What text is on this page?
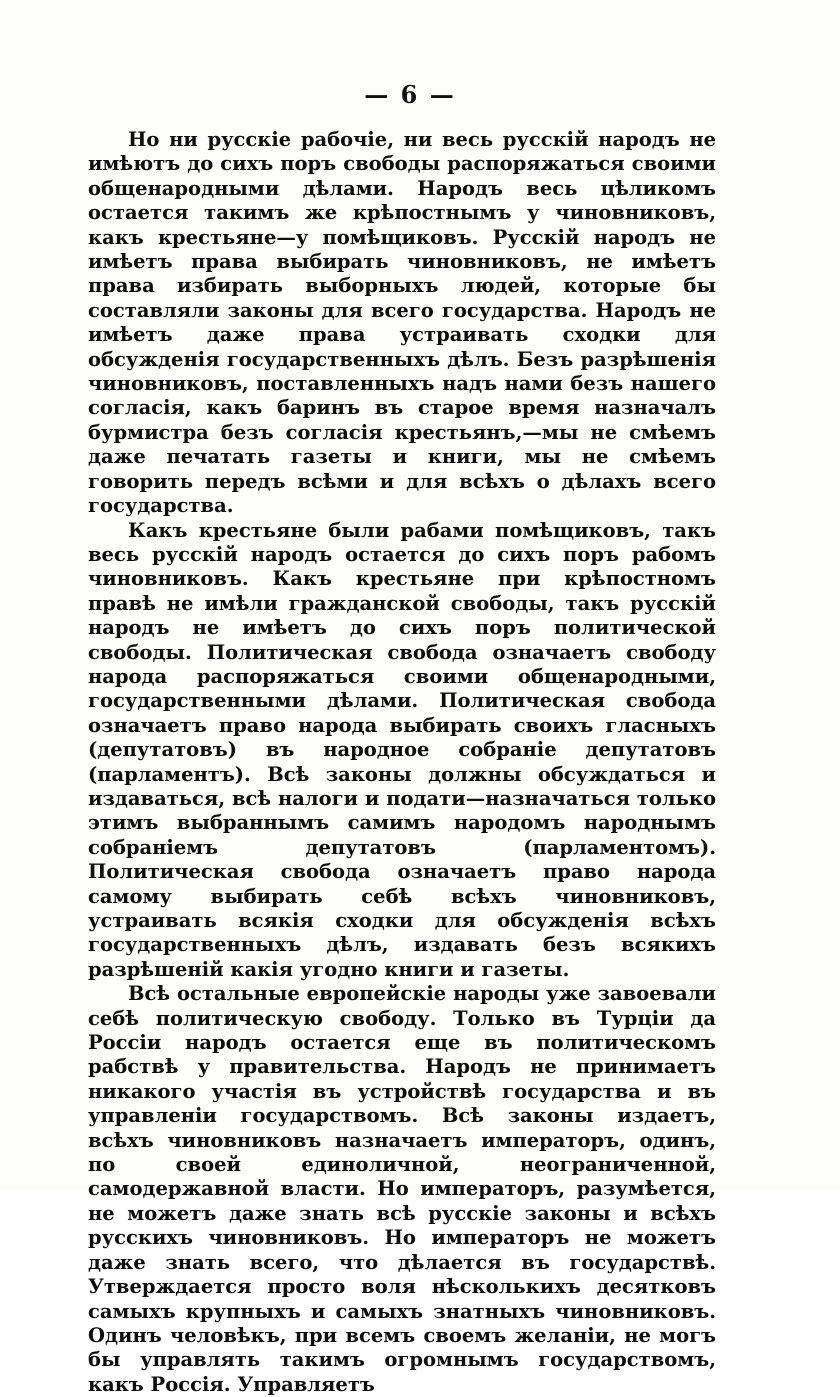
— 6 —

Но ни русскіе рабочіе, ни весь русскій народъ не имѣютъ до сихъ поръ свободы распоряжаться своими общенародными дѣлами. Народъ весь цѣликомъ остается такимъ же крѣпостнымъ у чиновниковъ, какъ крестьяне—у помѣщиковъ. Русскій народъ не имѣетъ права выбирать чиновниковъ, не имѣетъ права избирать выборныхъ людей, которые бы составляли законы для всего государства. Народъ не имѣетъ даже права устраивать сходки для обсужденія государственныхъ дѣлъ. Безъ разрѣшенія чиновниковъ, поставленныхъ надъ нами безъ нашего согласія, какъ баринъ въ старое время назначалъ бурмистра безъ согласія крестьянъ,—мы не смѣемъ даже печатать газеты и книги, мы не смѣемъ говорить передъ всѣми и для всѣхъ о дѣлахъ всего государства.

Какъ крестьяне были рабами помѣщиковъ, такъ весь русскій народъ остается до сихъ поръ рабомъ чиновниковъ. Какъ крестьяне при крѣпостномъ правѣ не имѣли гражданской свободы, такъ русскій народъ не имѣетъ до сихъ поръ политической свободы. Политическая свобода означаетъ свободу народа распоряжаться своими общенародными, государственными дѣлами. Политическая свобода означаетъ право народа выбирать своихъ гласныхъ (депутатовъ) въ народное собраніе депутатовъ (парламентъ). Всѣ законы должны обсуждаться и издаваться, всѣ налоги и подати—назначаться только этимъ выбраннымъ самимъ народомъ народнымъ собраніемъ депутатовъ (парламентомъ). Политическая свобода означаетъ право народа самому выбирать себѣ всѣхъ чиновниковъ, устраивать всякія сходки для обсужденія всѣхъ государственныхъ дѣлъ, издавать безъ всякихъ разрѣшеній какія угодно книги и газеты.

Всѣ остальные европейскіе народы уже завоевали себѣ политическую свободу. Только въ Турціи да Россіи народъ остается еще въ политическомъ рабствѣ у правительства. Народъ не принимаетъ никакого участія въ устройствѣ государства и въ управленіи государствомъ. Всѣ законы издаетъ, всѣхъ чиновниковъ назначаетъ императоръ, одинъ, по своей единоличной, неограниченной, самодержавной власти. Но императоръ, разумѣется, не можетъ даже знать всѣ русскіе законы и всѣхъ русскихъ чиновниковъ. Но императоръ не можетъ даже знать всего, что дѣлается въ государствѣ. Утверждается просто воля нѣсколькихъ десятковъ самыхъ крупныхъ и самыхъ знатныхъ чиновниковъ. Одинъ человѣкъ, при всемъ своемъ желаніи, не могъ бы управлять такимъ огромнымъ государствомъ, какъ Россія. Управляетъ
